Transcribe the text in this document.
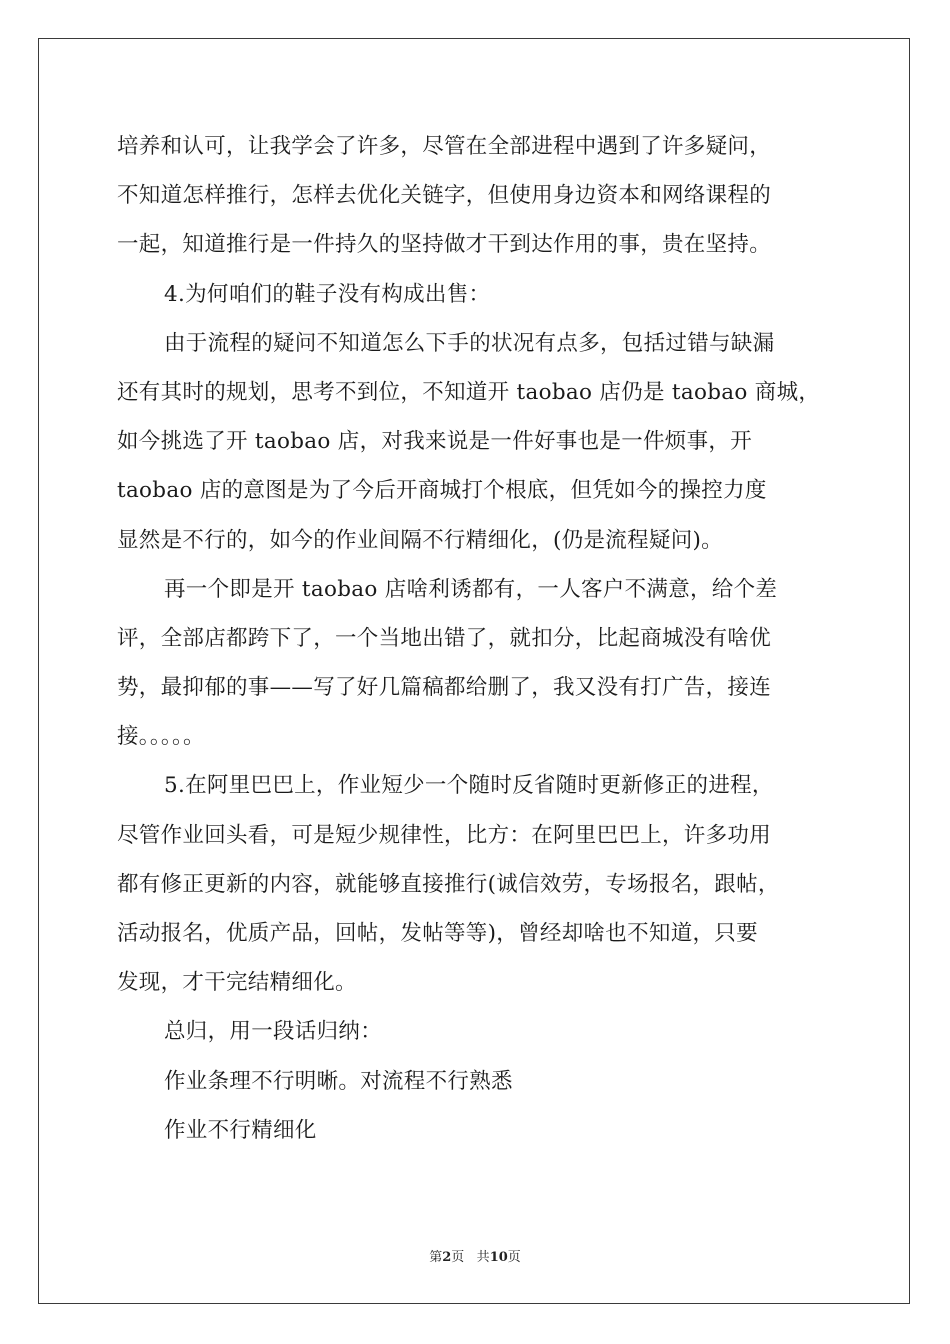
培养和认可，让我学会了许多，尽管在全部进程中遇到了许多疑问，
不知道怎样推行，怎样去优化关链字，但使用身边资本和网络课程的
一起，知道推行是一件持久的坚持做才干到达作用的事，贵在坚持。
4.为何咱们的鞋子没有构成出售：
由于流程的疑问不知道怎么下手的状况有点多，包括过错与缺漏
还有其时的规划，思考不到位，不知道开 taobao 店仍是 taobao 商城，
如今挑选了开 taobao 店，对我来说是一件好事也是一件烦事，开
taobao 店的意图是为了今后开商城打个根底，但凭如今的操控力度
显然是不行的，如今的作业间隔不行精细化，(仍是流程疑问)。
再一个即是开 taobao 店啥利诱都有，一人客户不满意，给个差
评，全部店都跨下了，一个当地出错了，就扣分，比起商城没有啥优
势，最抑郁的事——写了好几篇稿都给删了，我又没有打广告，接连
接。。。。。
5.在阿里巴巴上，作业短少一个随时反省随时更新修正的进程，
尽管作业回头看，可是短少规律性，比方：在阿里巴巴上，许多功用
都有修正更新的内容，就能够直接推行(诚信效劳，专场报名，跟帖，
活动报名，优质产品，回帖，发帖等等)，曾经却啥也不知道，只要
发现，才干完结精细化。
总归，用一段话归纳：
作业条理不行明晰。对流程不行熟悉
作业不行精细化
第2页 共10页
